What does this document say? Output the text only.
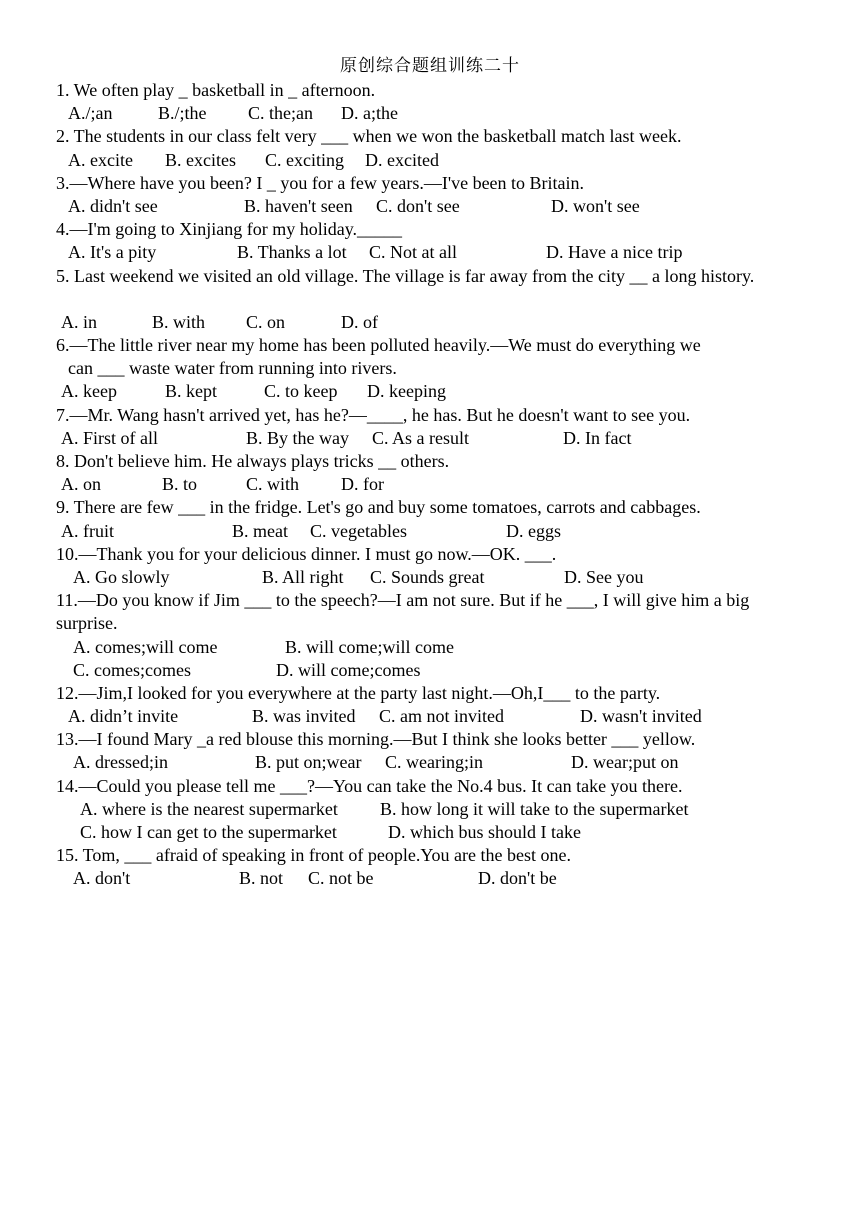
原创综合题组训练二十
1. We often play _ basketball in _ afternoon.
A./;an	B./;the	C. the;an	D. a;the
2. The students in our class felt very ___ when we won the basketball match last week.
A. excite	B. excites	C. exciting	D. excited
3.—Where have you been? I _ you for a few years.—I've been to Britain.
A. didn't see	B. haven't seen	C. don't see	D. won't see
4.—I'm going to Xinjiang for my holiday._____
A. It's a pity	B. Thanks a lot	C. Not at all	D. Have a nice trip
5. Last weekend we visited an old village. The village is far away from the city __ a long history.
A. in	B. with	C. on	D. of
6.—The little river near my home has been polluted heavily.—We must do everything we
can ___ waste water from running into rivers.
A. keep	B. kept	C. to keep	D. keeping
7.—Mr. Wang hasn't arrived yet, has he?—____, he has. But he doesn't want to see you.
A. First of all	B. By the way	C. As a result	D. In fact
8. Don't believe him. He always plays tricks __ others.
A. on	B. to	C. with	D. for
9. There are few ___ in the fridge. Let's go and buy some tomatoes, carrots and cabbages.
A. fruit	B. meat	C. vegetables	D. eggs
10.—Thank you for your delicious dinner. I must go now.—OK. ___.
A. Go slowly	B. All right	C. Sounds great	D. See you
11.—Do you know if Jim ___ to the speech?—I am not sure. But if he ___, I will give him a big surprise.
A. comes;will come	B. will come;will come
C. comes;comes	D. will come;comes
12.—Jim,I looked for you everywhere at the party last night.—Oh,I___ to the party.
A. didn’t invite	B. was invited	C. am not invited	D. wasn't invited
13.—I found Mary _a red blouse this morning.—But I think she looks better ___ yellow.
A. dressed;in	B. put on;wear	C. wearing;in	D. wear;put on
14.—Could you please tell me ___?—You can take the No.4 bus. It can take you there.
A. where is the nearest supermarket	B. how long it will take to the supermarket
C. how I can get to the supermarket	D. which bus should I take
15. Tom, ___ afraid of speaking in front of people.You are the best one.
A. don't	B. not	C. not be	D. don't be
